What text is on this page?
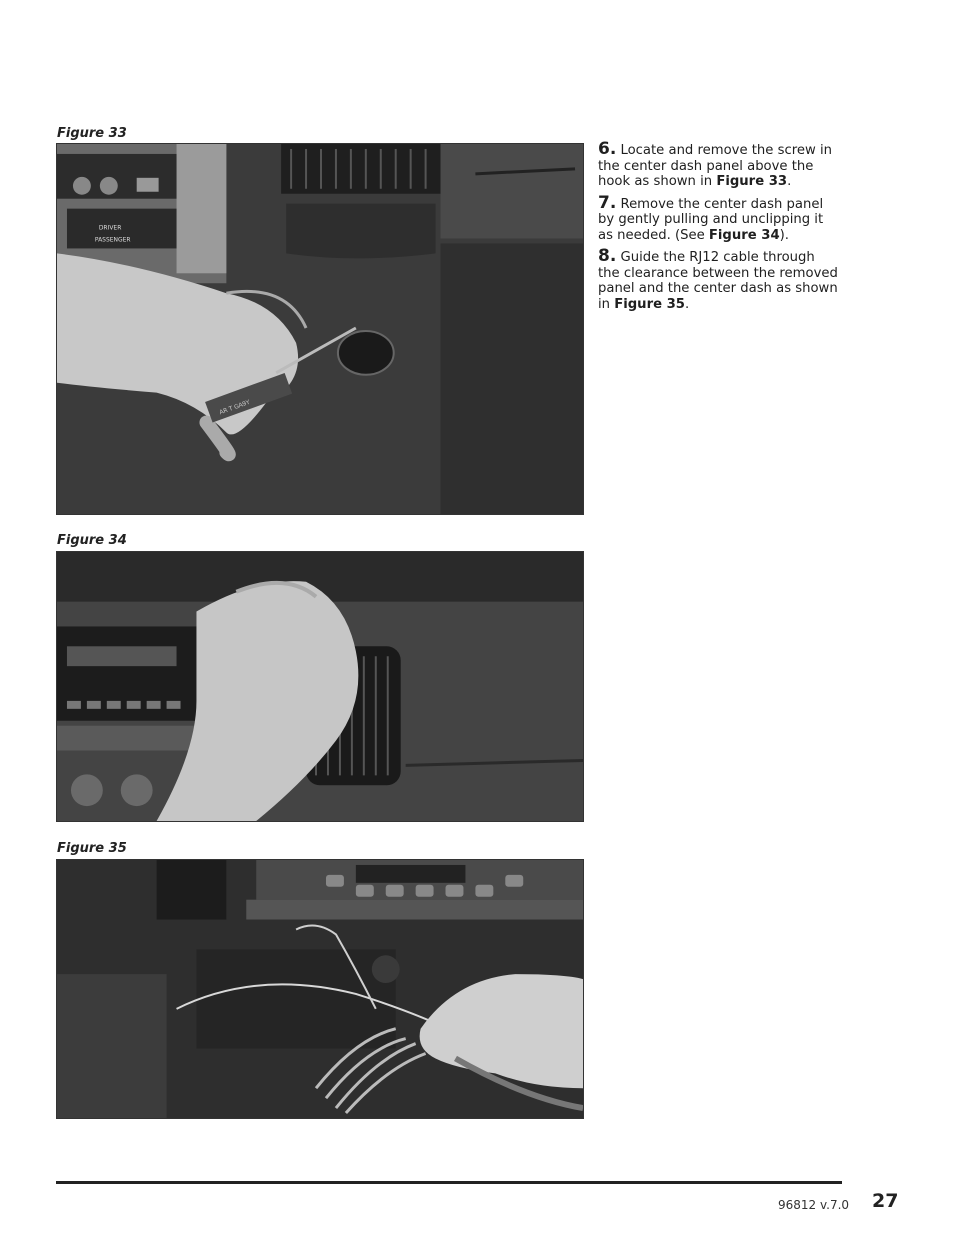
Figure 33
DRIVER
PASSENGER
AR T GA9Y
Figure 34
Figure 35

6. Locate and remove the screw in the center dash panel above the hook as shown in Figure 33.

7. Remove the center dash panel by gently pulling and unclipping it as needed. (See Figure 34).

8. Guide the RJ12 cable through the clearance between the removed panel and the center dash as shown in Figure 35.

96812 v.7.0 27
